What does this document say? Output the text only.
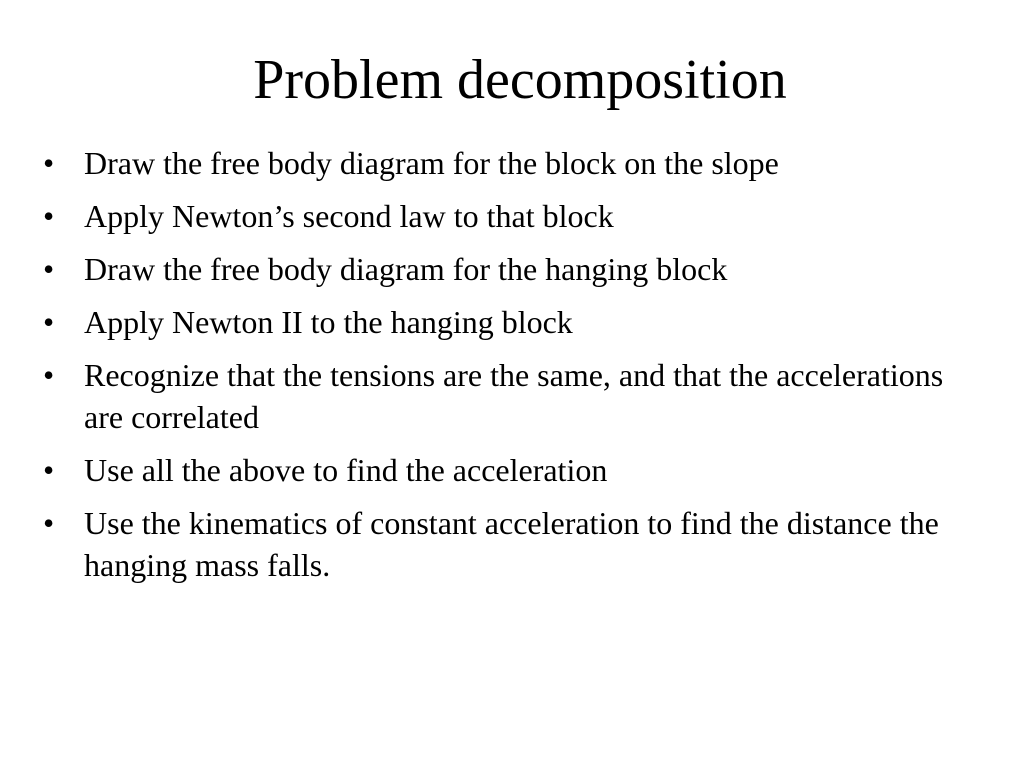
Problem decomposition
• Draw the free body diagram for the block on the slope
• Apply Newton’s second law to that block
• Draw the free body diagram for the hanging block
• Apply Newton II to the hanging block
• Recognize that the tensions are the same, and that the accelerations are correlated
• Use all the above to find the acceleration
• Use the kinematics of constant acceleration to find the distance the hanging mass falls.
